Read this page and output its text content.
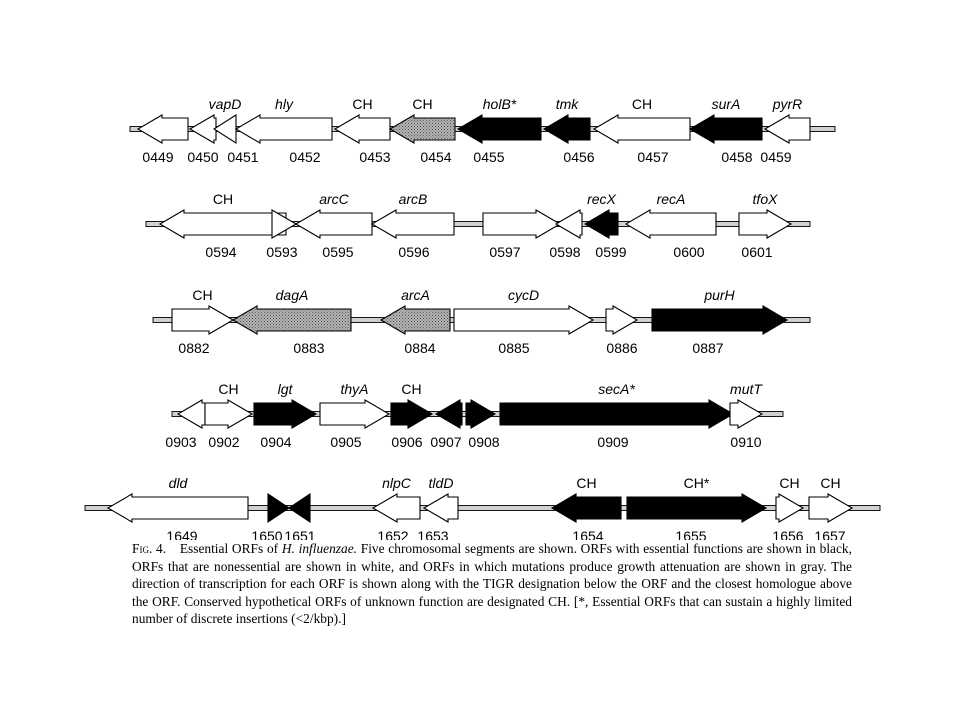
0449 0450 0451
vapD
0452
hly
0453
CH
0454
CH
0455
holB*
0456
tmk
0457
CH
0458
surA
0459
pyrR
0594
CH
0593 0595
arcC
0596
arcB
0597 0598 0599
recX
0600
recA
0601
tfoX
0882
CH
0883
dagA
0884
arcA
0885
cycD
0886	0887
purH
0903 0902
CH
0904
lgt
0905
thyA
0906
CH
0907 0908	0909
secA*
0910
mutT
1649
dld
1650 1651	1652
nlpC
1653
tldD
1654
CH
1655
CH*
1656
CH
1657
CH
Fig. 4. Essential ORFs of H. influenzae. Five chromosomal segments are shown. ORFs with essential functions are shown in black, ORFs that are nonessential are shown in white, and ORFs in which mutations produce growth attenuation are shown in gray. The direction of transcription for each ORF is shown along with the TIGR designation below the ORF and the closest homologue above the ORF. Conserved hypothetical ORFs of unknown function are designated CH. [*, Essential ORFs that can sustain a highly limited number of discrete insertions (<2/kbp).]
